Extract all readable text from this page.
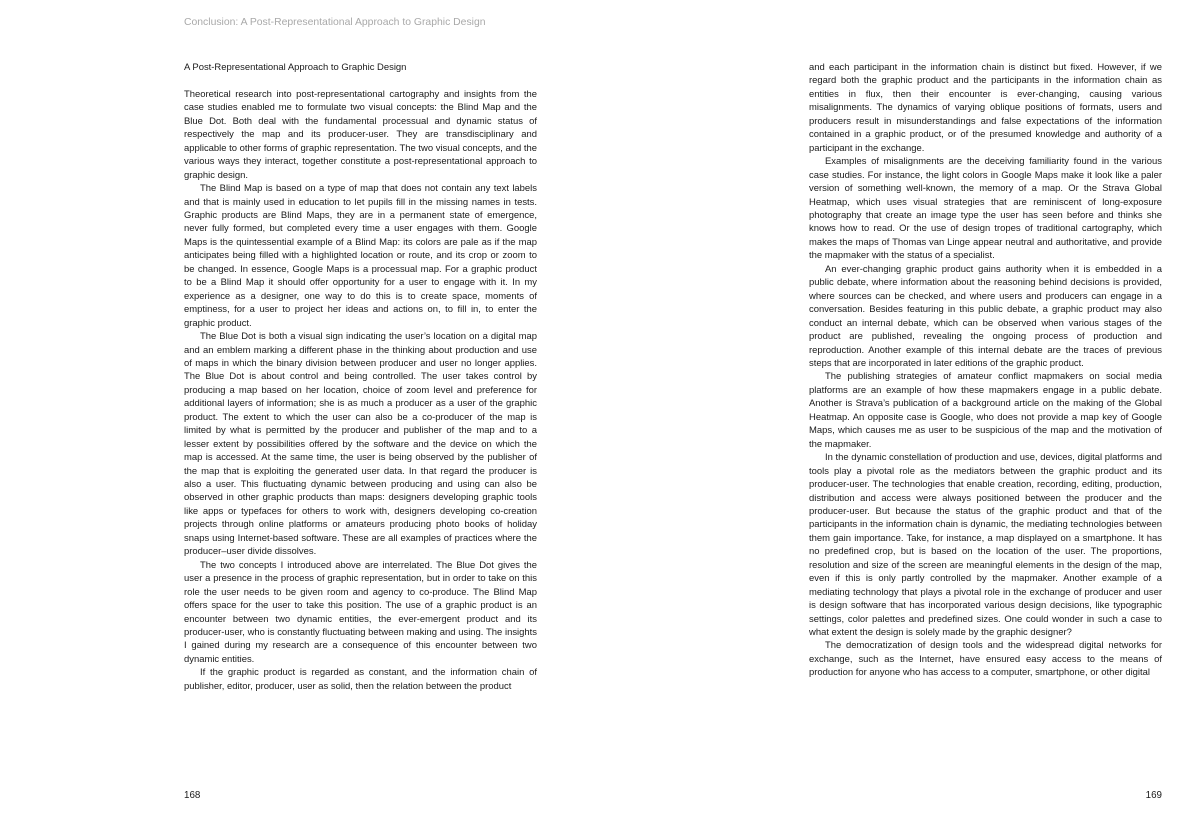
Conclusion: A Post-Representational Approach to Graphic Design
A Post-Representational Approach to Graphic Design

Theoretical research into post-representational cartography and insights from the case studies enabled me to formulate two visual concepts: the Blind Map and the Blue Dot. Both deal with the fundamental processual and dynamic status of respectively the map and its producer-user. They are transdisciplinary and applicable to other forms of graphic representation. The two visual concepts, and the various ways they interact, together constitute a post-representational approach to graphic design.

The Blind Map is based on a type of map that does not contain any text labels and that is mainly used in education to let pupils fill in the missing names in tests. Graphic products are Blind Maps, they are in a permanent state of emergence, never fully formed, but completed every time a user engages with them. Google Maps is the quintessential example of a Blind Map: its colors are pale as if the map anticipates being filled with a highlighted location or route, and its crop or zoom to be changed. In essence, Google Maps is a processual map. For a graphic product to be a Blind Map it should offer opportunity for a user to engage with it. In my experience as a designer, one way to do this is to create space, moments of emptiness, for a user to project her ideas and actions on, to fill in, to enter the graphic product.

The Blue Dot is both a visual sign indicating the user’s location on a digital map and an emblem marking a different phase in the thinking about production and use of maps in which the binary division between producer and user no longer applies. The Blue Dot is about control and being controlled. The user takes control by producing a map based on her location, choice of zoom level and preference for additional layers of information; she is as much a producer as a user of the graphic product. The extent to which the user can also be a co-producer of the map is limited by what is permitted by the producer and publisher of the map and to a lesser extent by possibilities offered by the software and the device on which the map is accessed. At the same time, the user is being observed by the publisher of the map that is exploiting the generated user data. In that regard the producer is also a user. This fluctuating dynamic between producing and using can also be observed in other graphic products than maps: designers developing graphic tools like apps or typefaces for others to work with, designers developing co-creation projects through online platforms or amateurs producing photo books of holiday snaps using Internet-based software. These are all examples of practices where the producer–user divide dissolves.

The two concepts I introduced above are interrelated. The Blue Dot gives the user a presence in the process of graphic representation, but in order to take on this role the user needs to be given room and agency to co-produce. The Blind Map offers space for the user to take this position. The use of a graphic product is an encounter between two dynamic entities, the ever-emergent product and its producer-user, who is constantly fluctuating between making and using. The insights I gained during my research are a consequence of this encounter between two dynamic entities.

If the graphic product is regarded as constant, and the information chain of publisher, editor, producer, user as solid, then the relation between the product

and each participant in the information chain is distinct but fixed. However, if we regard both the graphic product and the participants in the information chain as entities in flux, then their encounter is ever-changing, causing various misalignments. The dynamics of varying oblique positions of formats, users and producers result in misunderstandings and false expectations of the information contained in a graphic product, or of the presumed knowledge and authority of a participant in the exchange.

Examples of misalignments are the deceiving familiarity found in the various case studies. For instance, the light colors in Google Maps make it look like a paler version of something well-known, the memory of a map. Or the Strava Global Heatmap, which uses visual strategies that are reminiscent of long-exposure photography that create an image type the user has seen before and thinks she knows how to read. Or the use of design tropes of traditional cartography, which makes the maps of Thomas van Linge appear neutral and authoritative, and provide the mapmaker with the status of a specialist.

An ever-changing graphic product gains authority when it is embedded in a public debate, where information about the reasoning behind decisions is provided, where sources can be checked, and where users and producers can engage in a conversation. Besides featuring in this public debate, a graphic product may also conduct an internal debate, which can be observed when various stages of the product are published, revealing the ongoing process of production and reproduction. Another example of this internal debate are the traces of previous steps that are incorporated in later editions of the graphic product.

The publishing strategies of amateur conflict mapmakers on social media platforms are an example of how these mapmakers engage in a public debate. Another is Strava’s publication of a background article on the making of the Global Heatmap. An opposite case is Google, who does not provide a map key of Google Maps, which causes me as user to be suspicious of the map and the motivation of the mapmaker.

In the dynamic constellation of production and use, devices, digital platforms and tools play a pivotal role as the mediators between the graphic product and its producer-user. The technologies that enable creation, recording, editing, production, distribution and access were always positioned between the producer and the producer-user. But because the status of the graphic product and that of the participants in the information chain is dynamic, the mediating technologies between them gain importance. Take, for instance, a map displayed on a smartphone. It has no predefined crop, but is based on the location of the user. The proportions, resolution and size of the screen are meaningful elements in the design of the map, even if this is only partly controlled by the mapmaker. Another example of a mediating technology that plays a pivotal role in the exchange of producer and user is design software that has incorporated various design decisions, like typographic settings, color palettes and predefined sizes. One could wonder in such a case to what extent the design is solely made by the graphic designer?

The democratization of design tools and the widespread digital networks for exchange, such as the Internet, have ensured easy access to the means of production for anyone who has access to a computer, smartphone, or other digital

168	169
